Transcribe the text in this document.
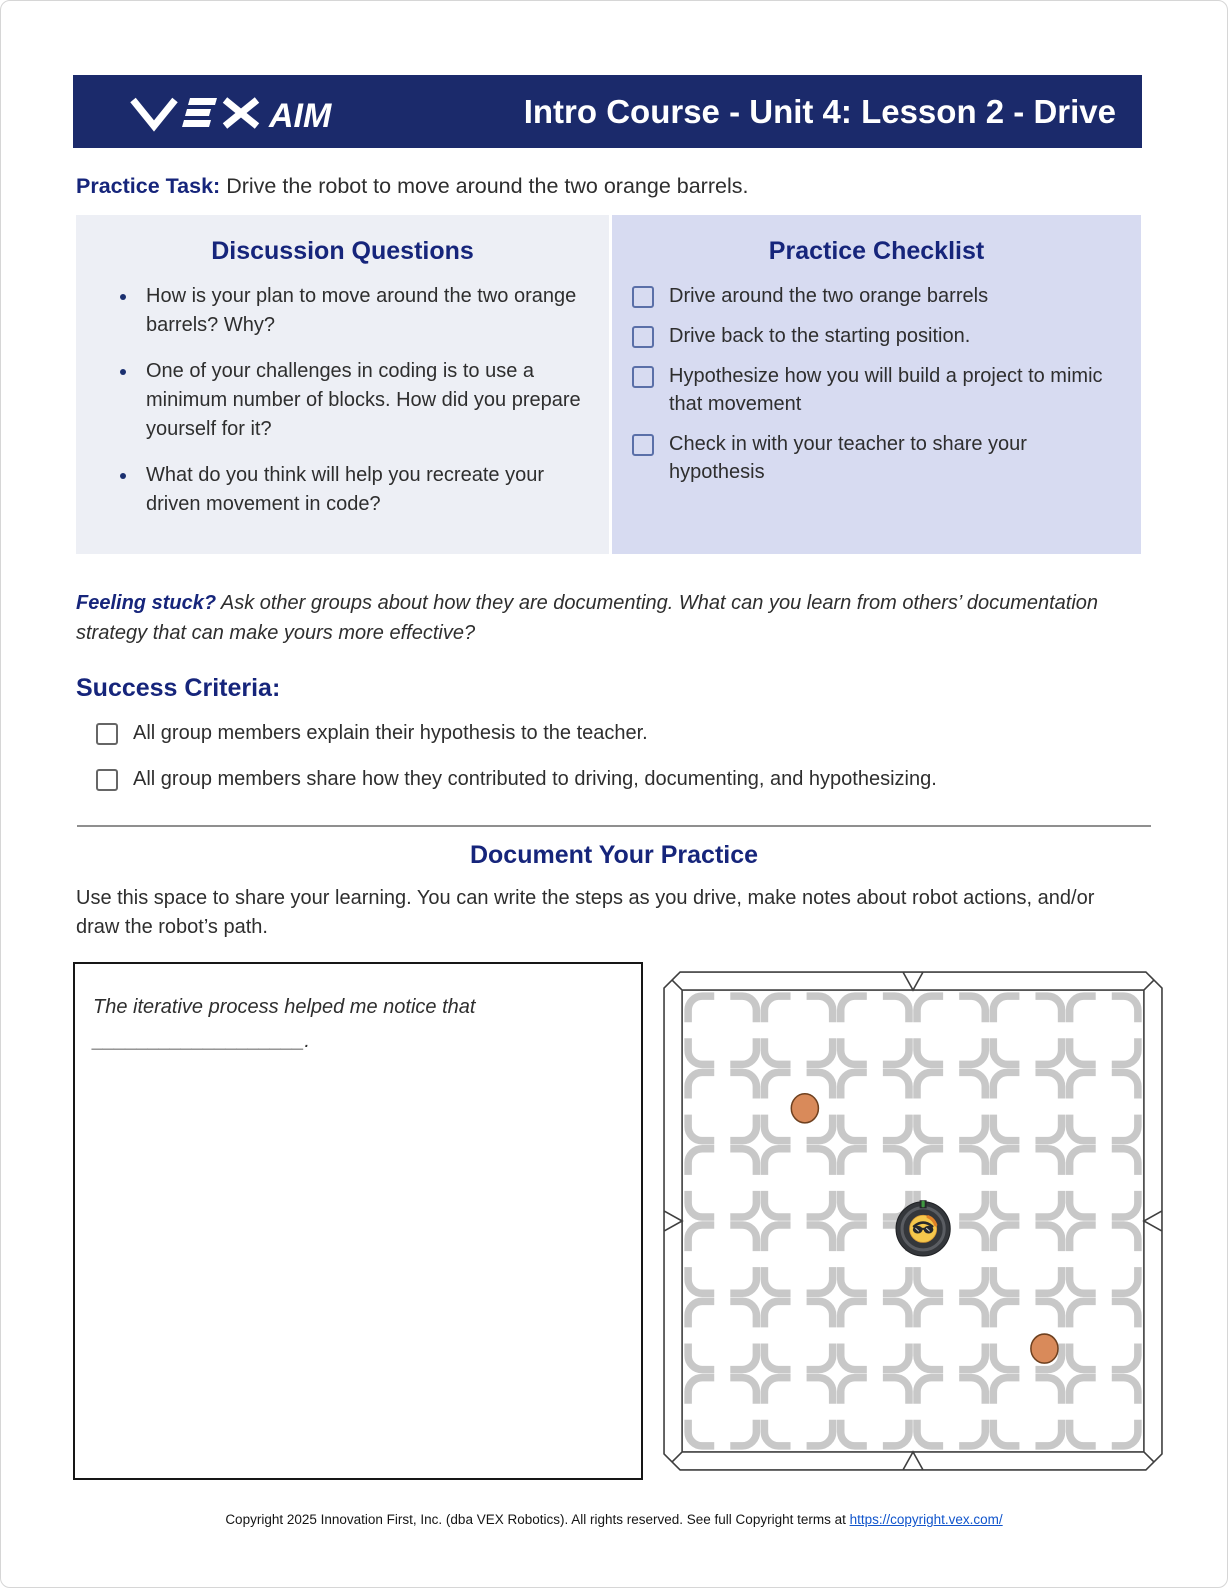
AIM	Intro Course - Unit 4: Lesson 2 - Drive
Practice Task: Drive the robot to move around the two orange barrels.
Discussion Questions
• How is your plan to move around the two orange barrels? Why?
• One of your challenges in coding is to use a minimum number of blocks. How did you prepare yourself for it?
• What do you think will help you recreate your driven movement in code?
Practice Checklist
Drive around the two orange barrels
Drive back to the starting position.
Hypothesize how you will build a project to mimic that movement
Check in with your teacher to share your hypothesis
Feeling stuck? Ask other groups about how they are documenting. What can you learn from others’ documentation strategy that can make yours more effective?
Success Criteria:
All group members explain their hypothesis to the teacher.
All group members share how they contributed to driving, documenting, and hypothesizing.
Document Your Practice
Use this space to share your learning. You can write the steps as you drive, make notes about robot actions, and/or draw the robot’s path.
The iterative process helped me notice that
___________________.
Copyright 2025 Innovation First, Inc. (dba VEX Robotics). All rights reserved. See full Copyright terms at https://copyright.vex.com/
